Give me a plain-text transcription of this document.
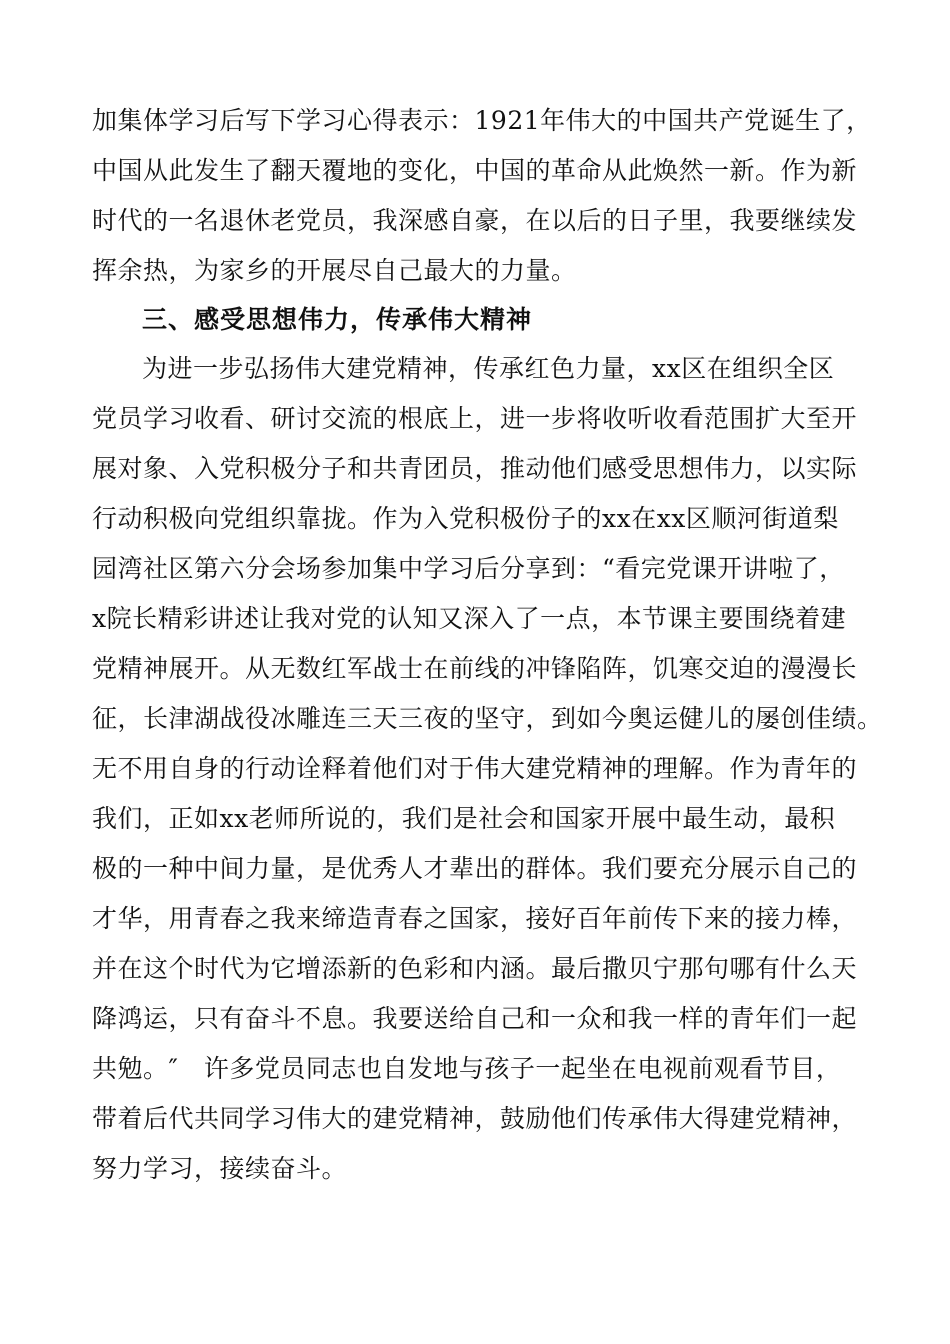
加集体学习后写下学习心得表示：1921年伟大的中国共产党诞生了，
中国从此发生了翻天覆地的变化，中国的革命从此焕然一新。作为新
时代的一名退休老党员，我深感自豪，在以后的日子里，我要继续发
挥余热，为家乡的开展尽自己最大的力量。
三、感受思想伟力，传承伟大精神
为进一步弘扬伟大建党精神，传承红色力量，xx区在组织全区
党员学习收看、研讨交流的根底上，进一步将收听收看范围扩大至开
展对象、入党积极分子和共青团员，推动他们感受思想伟力，以实际
行动积极向党组织靠拢。作为入党积极份子的xx在xx区顺河街道梨
园湾社区第六分会场参加集中学习后分享到：“看完党课开讲啦了，
x院长精彩讲述让我对党的认知又深入了一点，本节课主要围绕着建
党精神展开。从无数红军战士在前线的冲锋陷阵，饥寒交迫的漫漫长
征，长津湖战役冰雕连三天三夜的坚守，到如今奥运健儿的屡创佳绩。
无不用自身的行动诠释着他们对于伟大建党精神的理解。作为青年的
我们，正如xx老师所说的，我们是社会和国家开展中最生动，最积
极的一种中间力量，是优秀人才辈出的群体。我们要充分展示自己的
才华，用青春之我来缔造青春之国家，接好百年前传下来的接力棒，
并在这个时代为它增添新的色彩和内涵。最后撒贝宁那句哪有什么天
降鸿运，只有奋斗不息。我要送给自己和一众和我一样的青年们一起
共勉。″　许多党员同志也自发地与孩子一起坐在电视前观看节目，
带着后代共同学习伟大的建党精神，鼓励他们传承伟大得建党精神，
努力学习，接续奋斗。
